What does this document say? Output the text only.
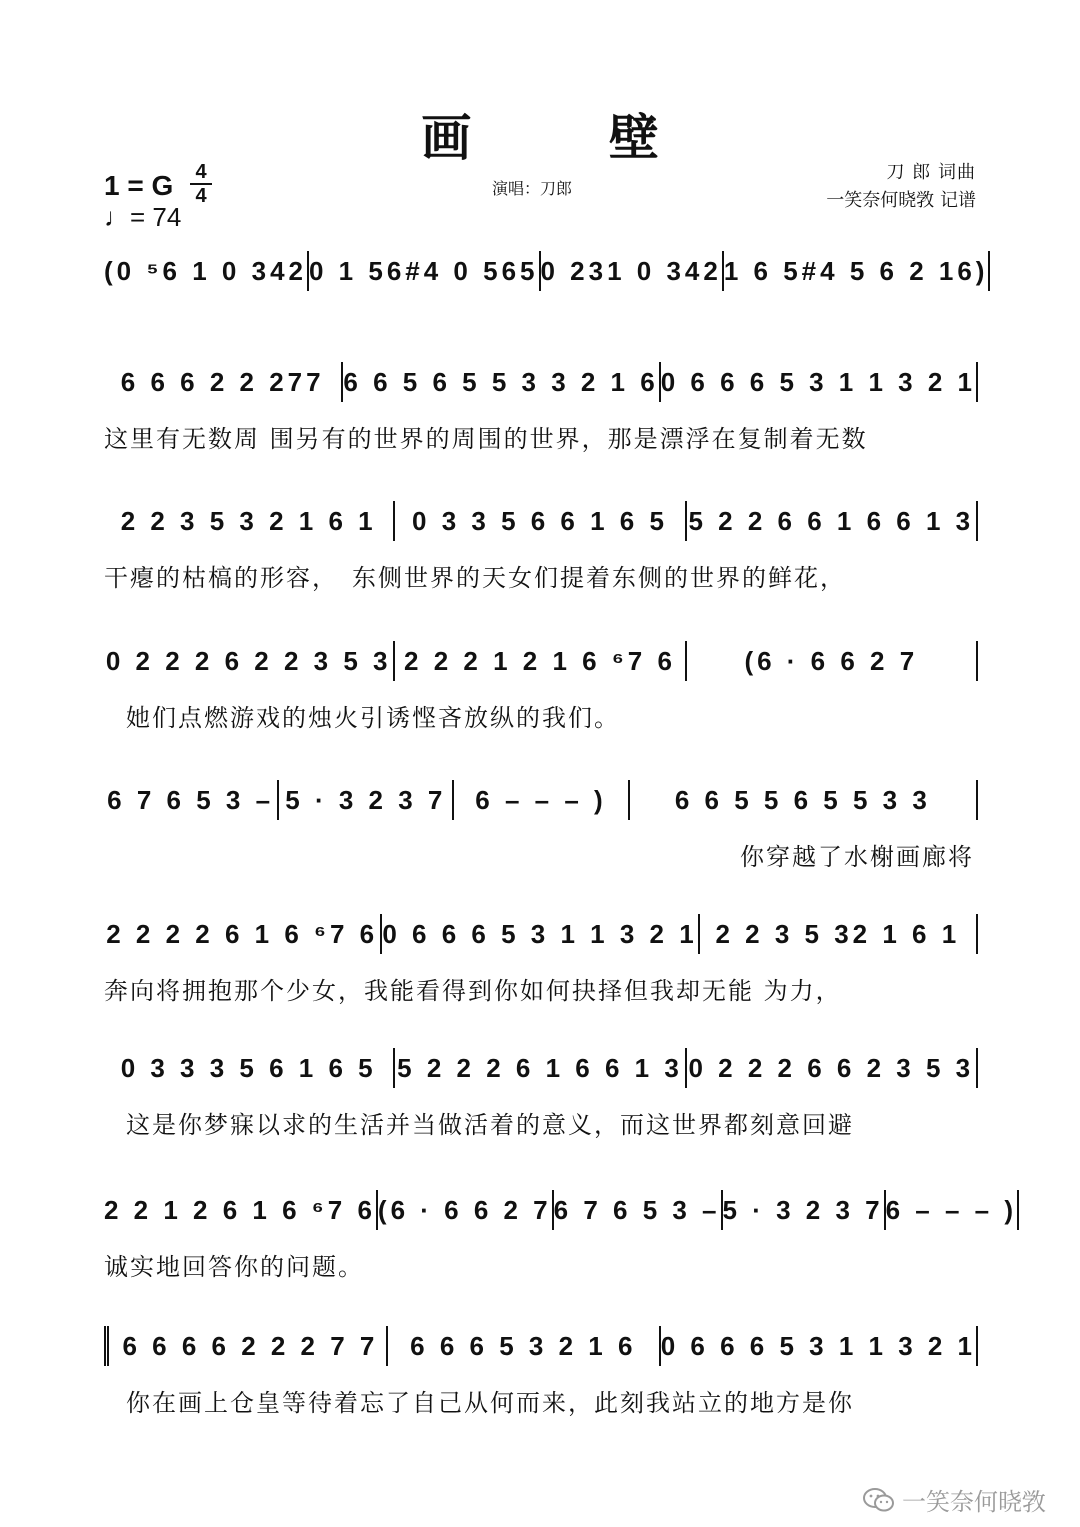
画 壁
1 = G 4
4
♩= 74
演唱：刀郎
刀 郎 词曲
一笑奈何晓敩 记谱
(0 ⁵6 1 0 342 0 1 56#4 0 565 0 231 0 342 1 6 5#4 5 6 2 16)
6 6 6 2 2 277 6 6 5 6 5 5 3 3 2 1 6 0 6 6 6 5 3 1 1 3 2 1
这里有无数周 围另有的世界的周围的世界，那是漂浮在复制着无数
2 2 3 5 3 2 1 6 1	0 3 3 5 6 6 1 6 5 5 2 2 6 6 1 6 6 1 3
干瘪的枯槁的形容，　东侧世界的天女们提着东侧的世界的鲜花，
0 2 2 2 6 2 2 3 5 3 2 2 2 1 2 1 6 ⁶7 6	(6 · 6 6 2 7
她们点燃游戏的烛火引诱悭吝放纵的我们。
6 7 6 5 3 – 5 · 3 2 3 7	6 – – – )	6 6 5 5 6 5 5 3 3
你穿越了水榭画廊将
2 2 2 2 6 1 6 ⁶7 6 0 6 6 6 5 3 1 1 3 2 1 2 2 3 5 32 1 6 1
奔向将拥抱那个少女，我能看得到你如何抉择但我却无能 为力，
0 3 3 3 5 6 1 6 5 5 2 2 2 6 1 6 6 1 3 0 2 2 2 6 6 2 3 5 3
这是你梦寐以求的生活并当做活着的意义，而这世界都刻意回避
2 2 1 2 6 1 6 ⁶7 6 (6 · 6 6 2 7 6 7 6 5 3 – 5 · 3 2 3 7 6 – – – )
诚实地回答你的问题。
6 6 6 6 2 2 2 7 7	6 6 6 5 3 2 1 6 0 6 6 6 5 3 1 1 3 2 1
你在画上仓皇等待着忘了自己从何而来，此刻我站立的地方是你
一笑奈何晓敩
